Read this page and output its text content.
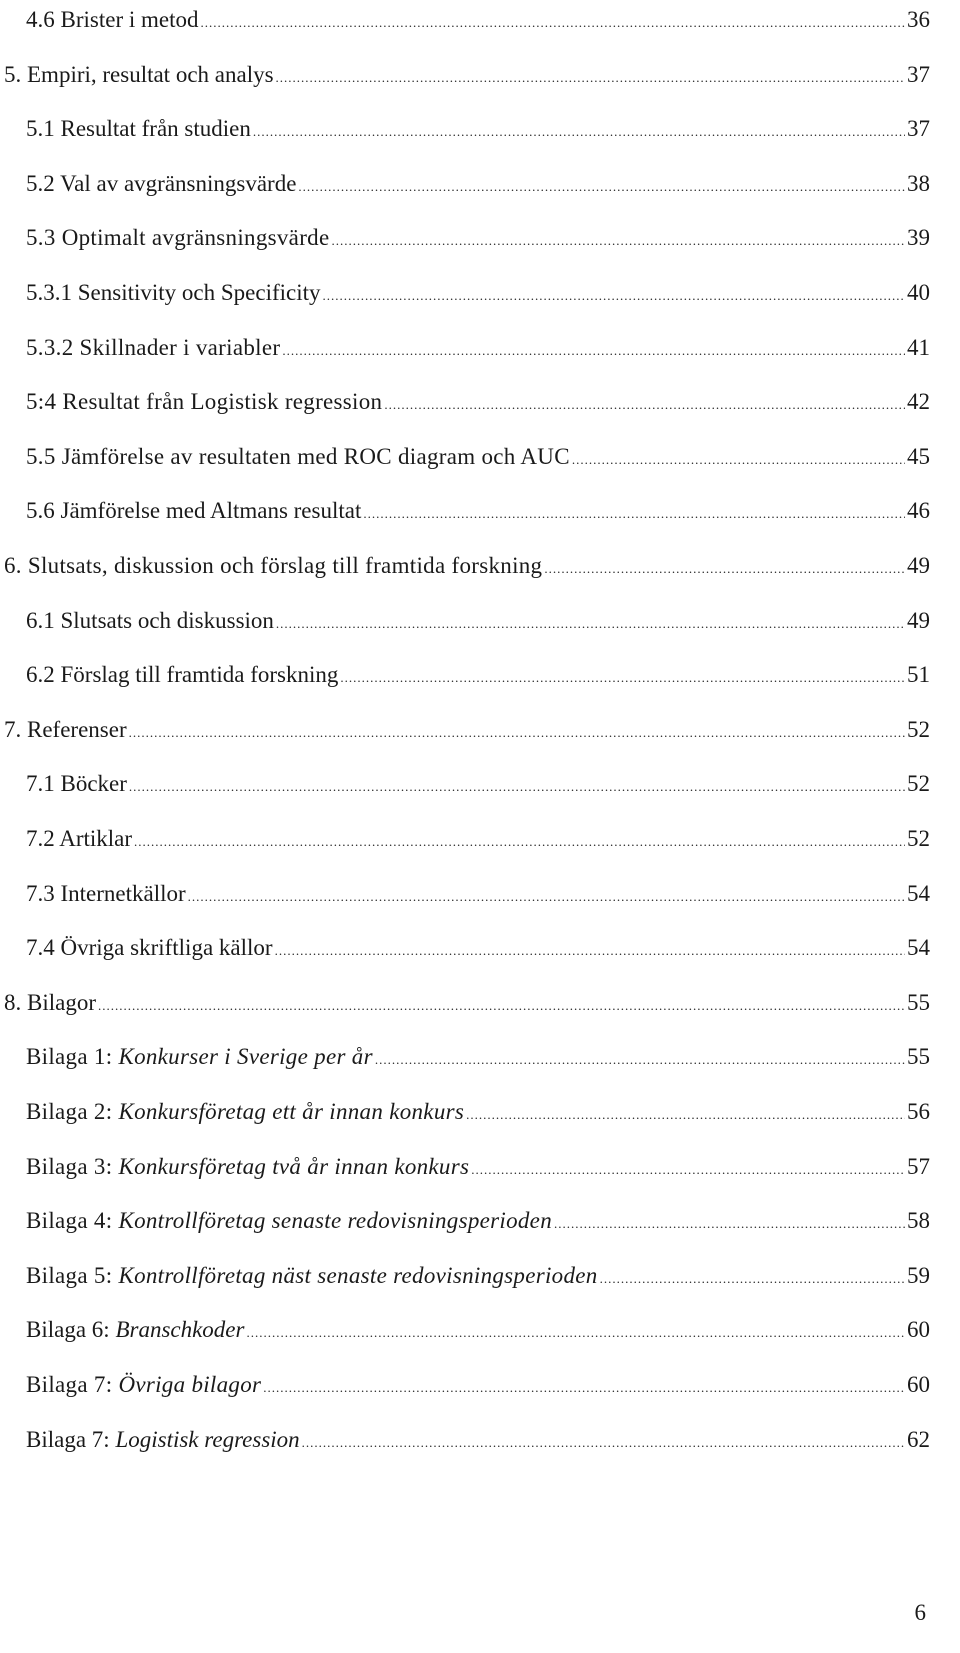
4.6 Brister i metod .....	36
5. Empiri, resultat och analys .....	37
5.1 Resultat från studien .....	37
5.2 Val av avgränsningsvärde .....	38
5.3 Optimalt avgränsningsvärde .....	39
5.3.1 Sensitivity och Specificity .....	40
5.3.2 Skillnader i variabler .....	41
5:4 Resultat från Logistisk regression .....	42
5.5 Jämförelse av resultaten med ROC diagram och AUC .....	45
5.6 Jämförelse med Altmans resultat .....	46
6. Slutsats, diskussion och förslag till framtida forskning .....	49
6.1 Slutsats och diskussion .....	49
6.2 Förslag till framtida forskning .....	51
7. Referenser .....	52
7.1 Böcker .....	52
7.2 Artiklar .....	52
7.3 Internetkällor .....	54
7.4 Övriga skriftliga källor .....	54
8. Bilagor .....	55
Bilaga 1: Konkurser i Sverige per år .....	55
Bilaga 2: Konkursföretag ett år innan konkurs .....	56
Bilaga 3: Konkursföretag två år innan konkurs .....	57
Bilaga 4: Kontrollföretag senaste redovisningsperioden .....	58
Bilaga 5: Kontrollföretag näst senaste redovisningsperioden .....	59
Bilaga 6: Branschkoder .....	60
Bilaga 7: Övriga bilagor .....	60
Bilaga 7: Logistisk regression .....	62
6
